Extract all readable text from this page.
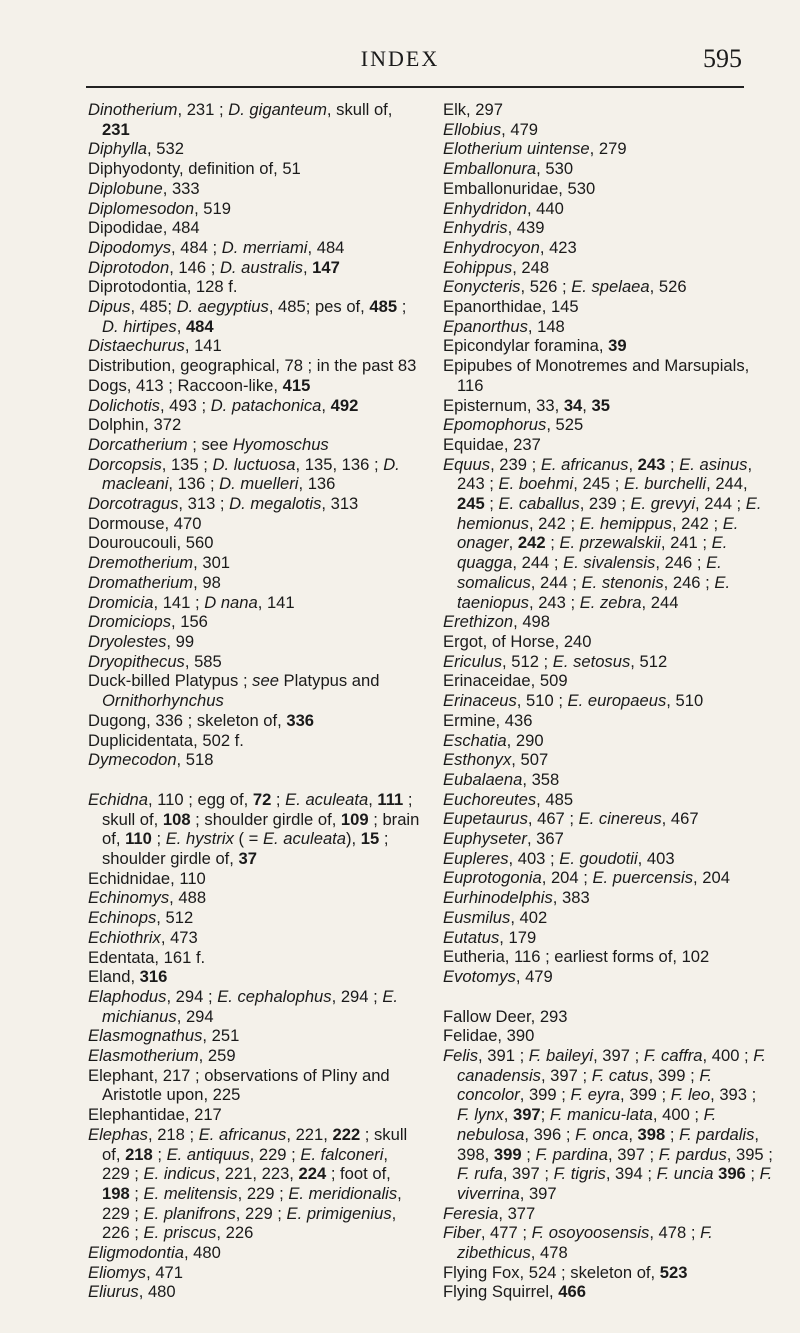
INDEX	595

Dinotherium, 231 ; D. giganteum, skull of, 231

Diphylla, 532

Diphyodonty, definition of, 51

Diplobune, 333

Diplomesodon, 519

Dipodidae, 484

Dipodomys, 484 ; D. merriami, 484

Diprotodon, 146 ; D. australis, 147

Diprotodontia, 128 f.

Dipus, 485; D. aegyptius, 485; pes of, 485 ; D. hirtipes, 484

Distaechurus, 141

Distribution, geographical, 78 ; in the past 83

Dogs, 413 ; Raccoon-like, 415

Dolichotis, 493 ; D. patachonica, 492

Dolphin, 372

Dorcatherium ; see Hyomoschus

Dorcopsis, 135 ; D. luctuosa, 135, 136 ; D. macleani, 136 ; D. muelleri, 136

Dorcotragus, 313 ; D. megalotis, 313

Dormouse, 470

Douroucouli, 560

Dremotherium, 301

Dromatherium, 98

Dromicia, 141 ; D nana, 141

Dromiciops, 156

Dryolestes, 99

Dryopithecus, 585

Duck-billed Platypus ; see Platypus and Ornithorhynchus

Dugong, 336 ; skeleton of, 336

Duplicidentata, 502 f.

Dymecodon, 518

Echidna, 110 ; egg of, 72 ; E. aculeata, 111 ; skull of, 108 ; shoulder girdle of, 109 ; brain of, 110 ; E. hystrix ( = E. aculeata), 15 ; shoulder girdle of, 37

Echidnidae, 110

Echinomys, 488

Echinops, 512

Echiothrix, 473

Edentata, 161 f.

Eland, 316

Elaphodus, 294 ; E. cephalophus, 294 ; E. michianus, 294

Elasmognathus, 251

Elasmotherium, 259

Elephant, 217 ; observations of Pliny and Aristotle upon, 225

Elephantidae, 217

Elephas, 218 ; E. africanus, 221, 222 ; skull of, 218 ; E. antiquus, 229 ; E. falconeri, 229 ; E. indicus, 221, 223, 224 ; foot of, 198 ; E. melitensis, 229 ; E. meridionalis, 229 ; E. planifrons, 229 ; E. primigenius, 226 ; E. priscus, 226

Eligmodontia, 480

Eliomys, 471

Eliurus, 480

Elk, 297

Ellobius, 479

Elotherium uintense, 279

Emballonura, 530

Emballonuridae, 530

Enhydridon, 440

Enhydris, 439

Enhydrocyon, 423

Eohippus, 248

Eonycteris, 526 ; E. spelaea, 526

Epanorthidae, 145

Epanorthus, 148

Epicondylar foramina, 39

Epipubes of Monotremes and Marsupials, 116

Episternum, 33, 34, 35

Epomophorus, 525

Equidae, 237

Equus, 239 ; E. africanus, 243 ; E. asinus, 243 ; E. boehmi, 245 ; E. burchelli, 244, 245 ; E. caballus, 239 ; E. grevyi, 244 ; E. hemionus, 242 ; E. hemippus, 242 ; E. onager, 242 ; E. przewalskii, 241 ; E. quagga, 244 ; E. sivalensis, 246 ; E. somalicus, 244 ; E. stenonis, 246 ; E. taeniopus, 243 ; E. zebra, 244

Erethizon, 498

Ergot, of Horse, 240

Ericulus, 512 ; E. setosus, 512

Erinaceidae, 509

Erinaceus, 510 ; E. europaeus, 510

Ermine, 436

Eschatia, 290

Esthonyx, 507

Eubalaena, 358

Euchoreutes, 485

Eupetaurus, 467 ; E. cinereus, 467

Euphyseter, 367

Eupleres, 403 ; E. goudotii, 403

Euprotogonia, 204 ; E. puercensis, 204

Eurhinodelphis, 383

Eusmilus, 402

Eutatus, 179

Eutheria, 116 ; earliest forms of, 102

Evotomys, 479

Fallow Deer, 293

Felidae, 390

Felis, 391 ; F. baileyi, 397 ; F. caffra, 400 ; F. canadensis, 397 ; F. catus, 399 ; F. concolor, 399 ; F. eyra, 399 ; F. leo, 393 ; F. lynx, 397; F. manicu-lata, 400 ; F. nebulosa, 396 ; F. onca, 398 ; F. pardalis, 398, 399 ; F. pardina, 397 ; F. pardus, 395 ; F. rufa, 397 ; F. tigris, 394 ; F. uncia 396 ; F. viverrina, 397

Feresia, 377

Fiber, 477 ; F. osoyoosensis, 478 ; F. zibethicus, 478

Flying Fox, 524 ; skeleton of, 523

Flying Squirrel, 466
